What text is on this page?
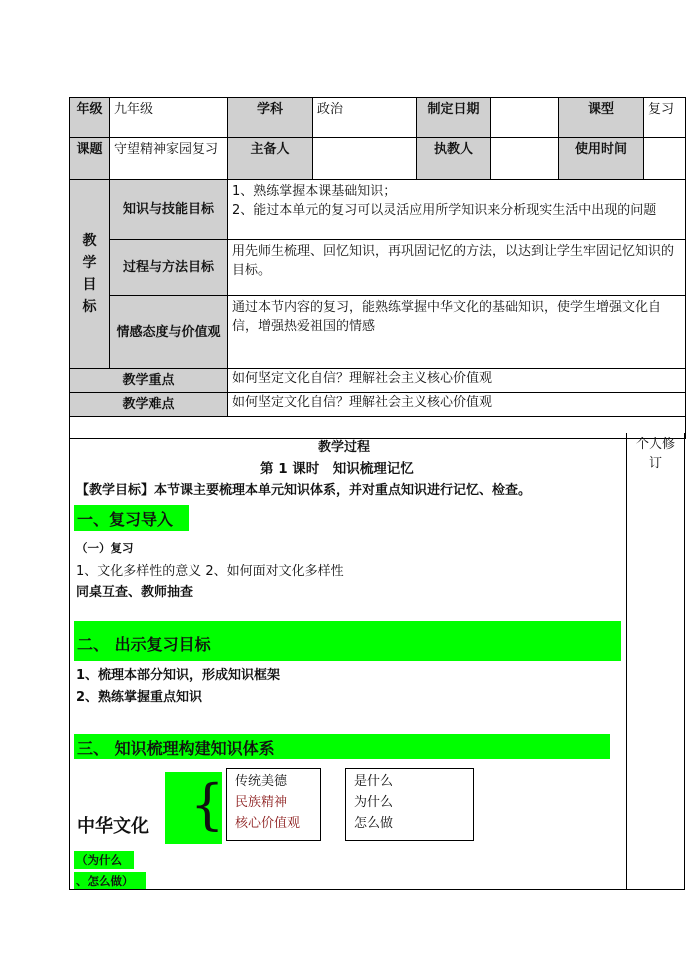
年级	九年级	学科	政治	制定日期		课型	复习
课题	守望精神家园复习	主备人		执教人		使用时间	

教学目标	知识与技能目标	1、熟练掌握本课基础知识；
2、能过本单元的复习可以灵活应用所学知识来分析现实生活中出现的问题					
	过程与方法目标	用先师生梳理、回忆知识，再巩固记忆的方法，以达到让学生牢固记忆知识的目标。					
	情感态度与价值观	通过本节内容的复习，能熟练掌握中华文化的基础知识，使学生增强文化自信，增强热爱祖国的情感					
教学重点		如何坚定文化自信？理解社会主义核心价值观					
教学难点		如何坚定文化自信？理解社会主义核心价值观					

个人修订
教学过程
第 1 课时　知识梳理记忆
【教学目标】本节课主要梳理本单元知识体系，并对重点知识进行记忆、检查。
一、复习导入
（一）复习
1、文化多样性的意义 2、如何面对文化多样性
同桌互查、教师抽查
二、 出示复习目标
1、梳理本部分知识，形成知识框架
2、熟练掌握重点知识
三、 知识梳理构建知识体系
中华文化 { 传统美德
民族精神
核心价值观
是什么
为什么
怎么做
（为什么
、怎么做）
